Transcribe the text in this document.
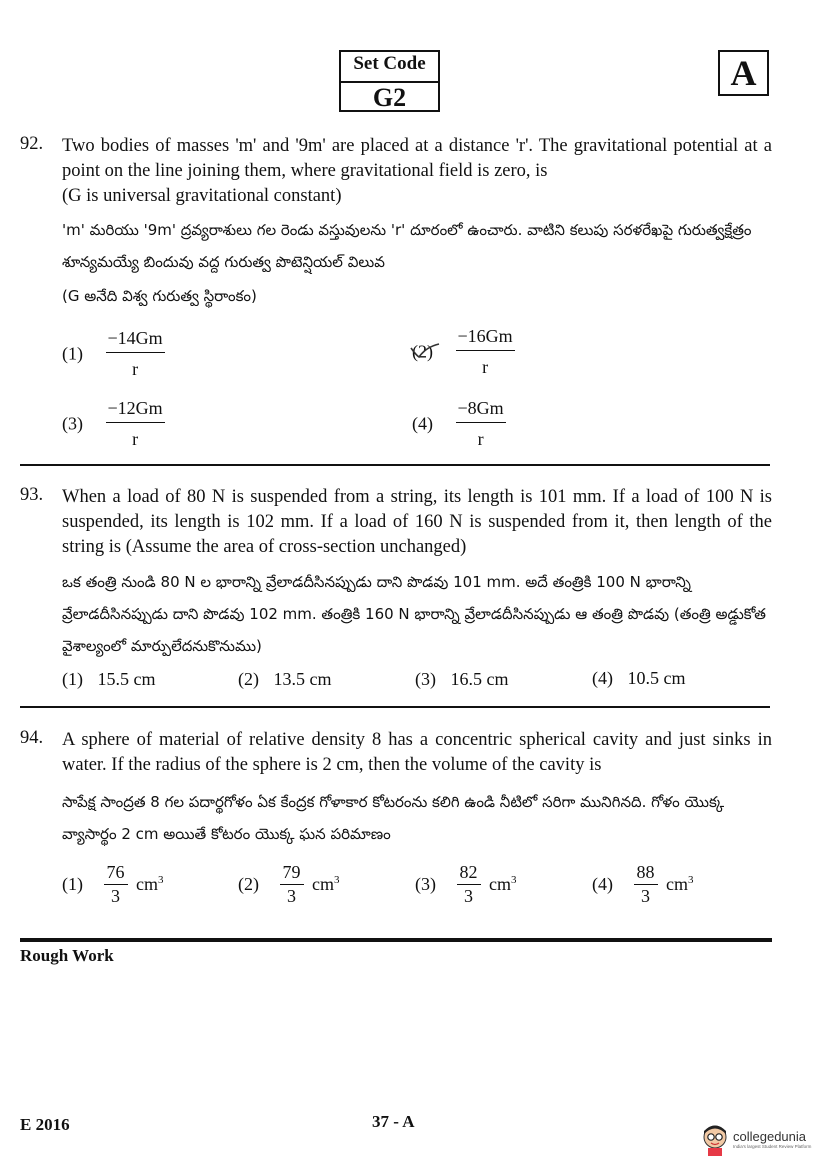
Set Code
G2
A
92. Two bodies of masses 'm' and '9m' are placed at a distance 'r'. The gravitational potential at a point on the line joining them, where gravitational field is zero, is
(G is universal gravitational constant)
'm' మరియు '9m' ద్రవ్యరాశులు గల రెండు వస్తువులను 'r' దూరంలో ఉంచారు. వాటిని కలుపు సరళరేఖపై గురుత్వక్షేత్రం శూన్యమయ్యే బిందువు వద్ద గురుత్వ పొటెన్షియల్ విలువ
(G అనేది విశ్వ గురుత్వ స్థిరాంకం)
$(1) \frac{-14Gm}{r}$	$(2) \frac{-16Gm}{r}$
$(3) \frac{-12Gm}{r}$	$(4) \frac{-8Gm}{r}$
93. When a load of 80 N is suspended from a string, its length is 101 mm. If a load of 100 N is suspended, its length is 102 mm. If a load of 160 N is suspended from it, then length of the string is (Assume the area of cross-section unchanged)
ఒక తంత్రి నుండి 80 N ల భారాన్ని వ్రేలాడదీసినప్పుడు దాని పొడవు 101 mm. అదే తంత్రికి 100 N భారాన్ని వ్రేలాడదీసినప్పుడు దాని పొడవు 102 mm. తంత్రికి 160 N భారాన్ని వ్రేలాడదీసినప్పుడు ఆ తంత్రి పొడవు (తంత్రి అడ్డుకోత వైశాల్యంలో మార్పులేదనుకొనుము)
(1) 15.5 cm	(2) 13.5 cm	(3) 16.5 cm	(4) 10.5 cm
94. A sphere of material of relative density 8 has a concentric spherical cavity and just sinks in water. If the radius of the sphere is 2 cm, then the volume of the cavity is
సాపేక్ష సాంద్రత 8 గల పదార్థగోళం ఏక కేంద్రక గోళాకార కోటరంను కలిగి ఉండి నీటిలో సరిగా మునిగినది. గోళం యొక్క వ్యాసార్థం 2 cm అయితే కోటరం యొక్క ఘన పరిమాణం
$(1) \frac{76}{3} cm^3$	$(2) \frac{79}{3} cm^3$	$(3) \frac{82}{3} cm^3$	$(4) \frac{88}{3} cm^3$
Rough Work
E 2016	37 - A
collegedunia
India's largest Student Review Platform
